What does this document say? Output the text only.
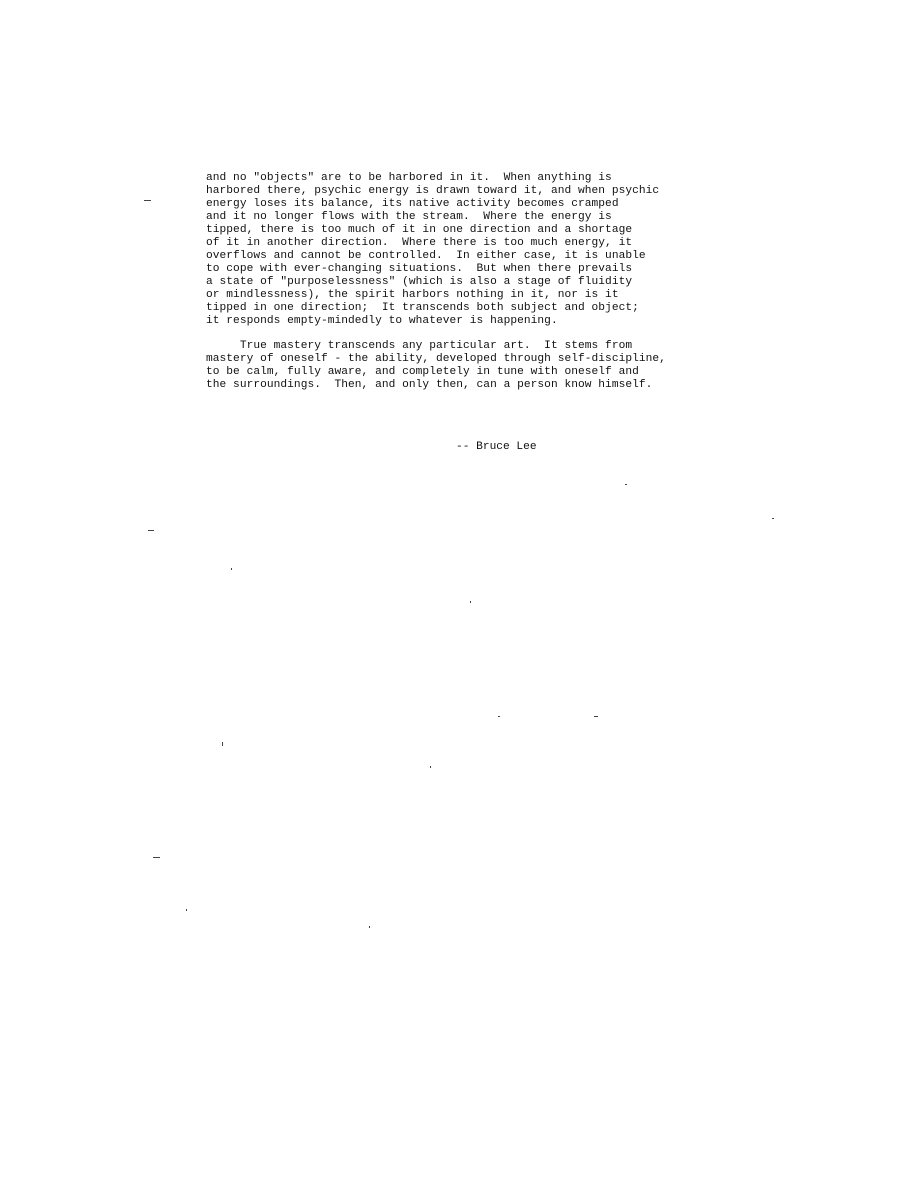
and no "objects" are to be harbored in it.  When anything is
harbored there, psychic energy is drawn toward it, and when psychic
energy loses its balance, its native activity becomes cramped
and it no longer flows with the stream.  Where the energy is
tipped, there is too much of it in one direction and a shortage
of it in another direction.  Where there is too much energy, it
overflows and cannot be controlled.  In either case, it is unable
to cope with ever-changing situations.  But when there prevails
a state of "purposelessness" (which is also a stage of fluidity
or mindlessness), the spirit harbors nothing in it, nor is it
tipped in one direction;  It transcends both subject and object;
it responds empty-mindedly to whatever is happening.
True mastery transcends any particular art.  It stems from
mastery of oneself - the ability, developed through self-discipline,
to be calm, fully aware, and completely in tune with oneself and
the surroundings.  Then, and only then, can a person know himself.
-- Bruce Lee
